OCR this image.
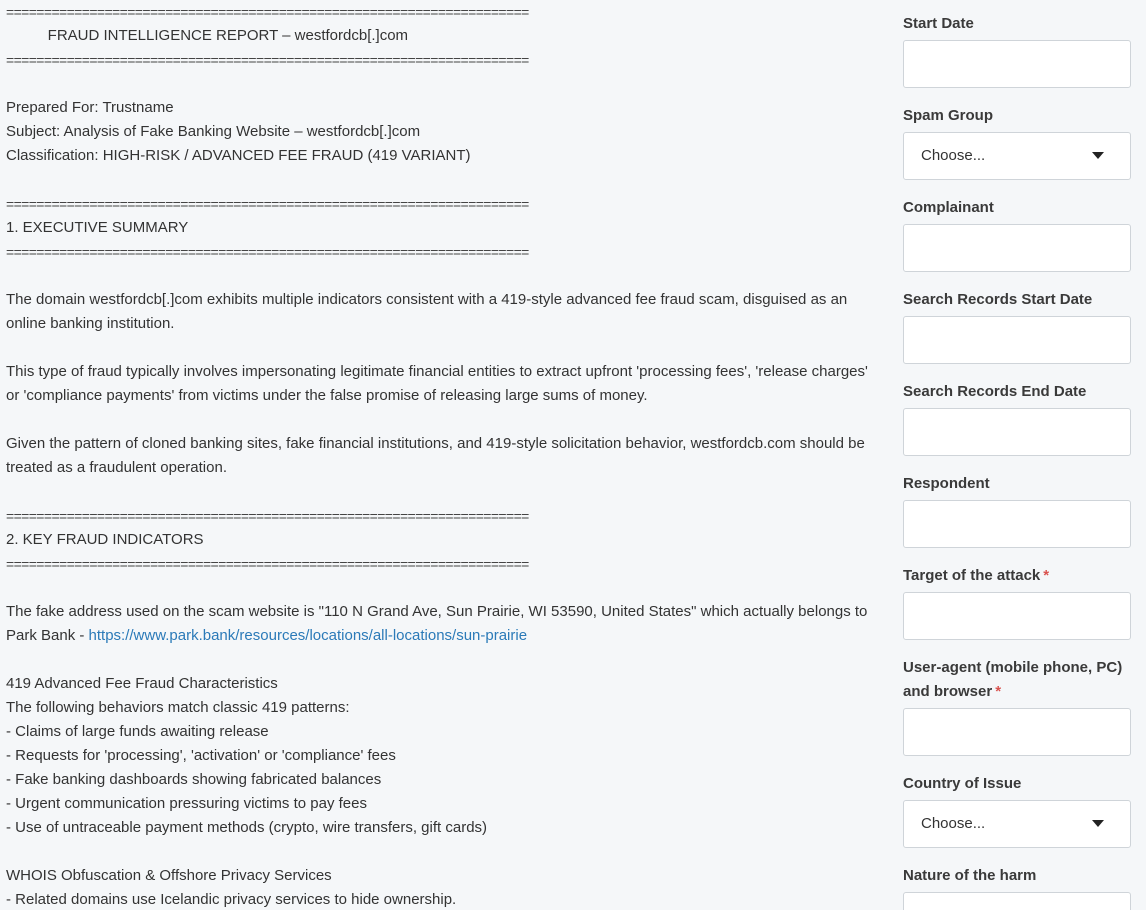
=====================================================================
FRAUD INTELLIGENCE REPORT – westfordcb[.]com
=====================================================================
Prepared For: Trustname
Subject: Analysis of Fake Banking Website – westfordcb[.]com
Classification: HIGH-RISK / ADVANCED FEE FRAUD (419 VARIANT)
=====================================================================
1. EXECUTIVE SUMMARY
=====================================================================
The domain westfordcb[.]com exhibits multiple indicators consistent with a 419-style advanced fee fraud scam, disguised as an online banking institution.
This type of fraud typically involves impersonating legitimate financial entities to extract upfront 'processing fees', 'release charges' or 'compliance payments' from victims under the false promise of releasing large sums of money.
Given the pattern of cloned banking sites, fake financial institutions, and 419-style solicitation behavior, westfordcb.com should be treated as a fraudulent operation.
=====================================================================
2. KEY FRAUD INDICATORS
=====================================================================
The fake address used on the scam website is "110 N Grand Ave, Sun Prairie, WI 53590, United States" which actually belongs to Park Bank - https://www.park.bank/resources/locations/all-locations/sun-prairie
419 Advanced Fee Fraud Characteristics
The following behaviors match classic 419 patterns:
- Claims of large funds awaiting release
- Requests for 'processing', 'activation' or 'compliance' fees
- Fake banking dashboards showing fabricated balances
- Urgent communication pressuring victims to pay fees
- Use of untraceable payment methods (crypto, wire transfers, gift cards)
WHOIS Obfuscation & Offshore Privacy Services
- Related domains use Icelandic privacy services to hide ownership.
Start Date
Spam Group
Choose...
Complainant
Search Records Start Date
Search Records End Date
Respondent
Target of the attack *
User-agent (mobile phone, PC) and browser *
Country of Issue
Choose...
Nature of the harm
